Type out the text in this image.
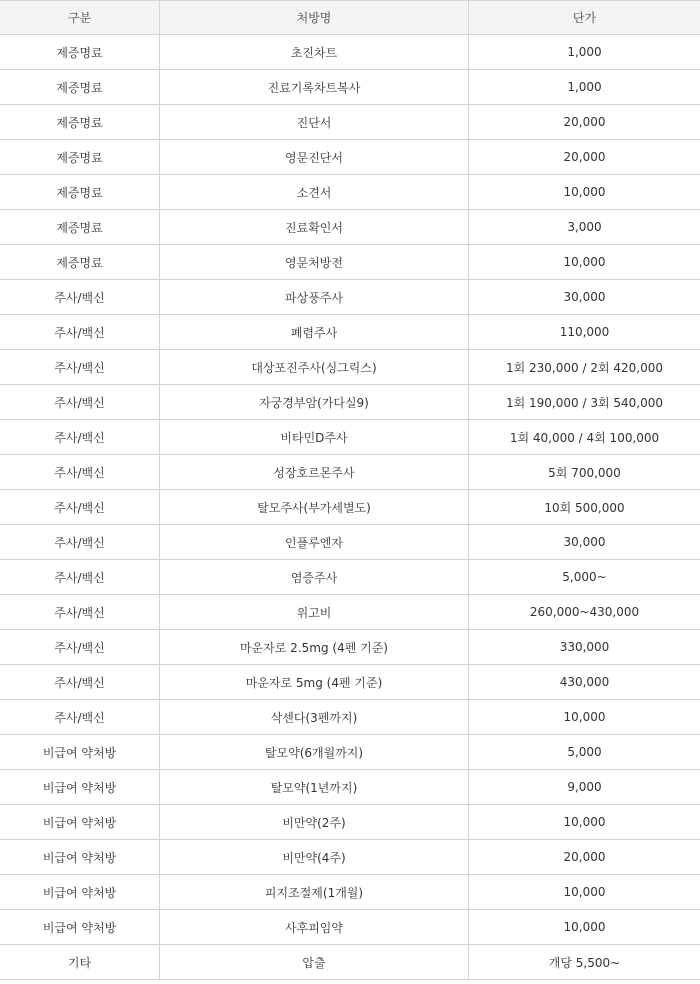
구분	처방명	단가
제증명료	초진차트	1,000
제증명료	진료기록차트복사	1,000
제증명료	진단서	20,000
제증명료	영문진단서	20,000
제증명료	소견서	10,000
제증명료	진료확인서	3,000
제증명료	영문처방전	10,000
주사/백신	파상풍주사	30,000
주사/백신	폐렴주사	110,000
주사/백신	대상포진주사(싱그릭스)	1회 230,000 / 2회 420,000
주사/백신	자궁경부암(가다실9)	1회 190,000 / 3회 540,000
주사/백신	비타민D주사	1회 40,000 / 4회 100,000
주사/백신	성장호르몬주사	5회 700,000
주사/백신	탈모주사(부가세별도)	10회 500,000
주사/백신	인플루엔자	30,000
주사/백신	염증주사	5,000~
주사/백신	위고비	260,000~430,000
주사/백신	마운자로 2.5mg (4펜 기준)	330,000
주사/백신	마운자로 5mg (4펜 기준)	430,000
주사/백신	삭센다(3펜까지)	10,000
비급여 약처방	탈모약(6개월까지)	5,000
비급여 약처방	탈모약(1년까지)	9,000
비급여 약처방	비만약(2주)	10,000
비급여 약처방	비만약(4주)	20,000
비급여 약처방	피지조절제(1개월)	10,000
비급여 약처방	사후피임약	10,000
기타	압출	개당 5,500~
